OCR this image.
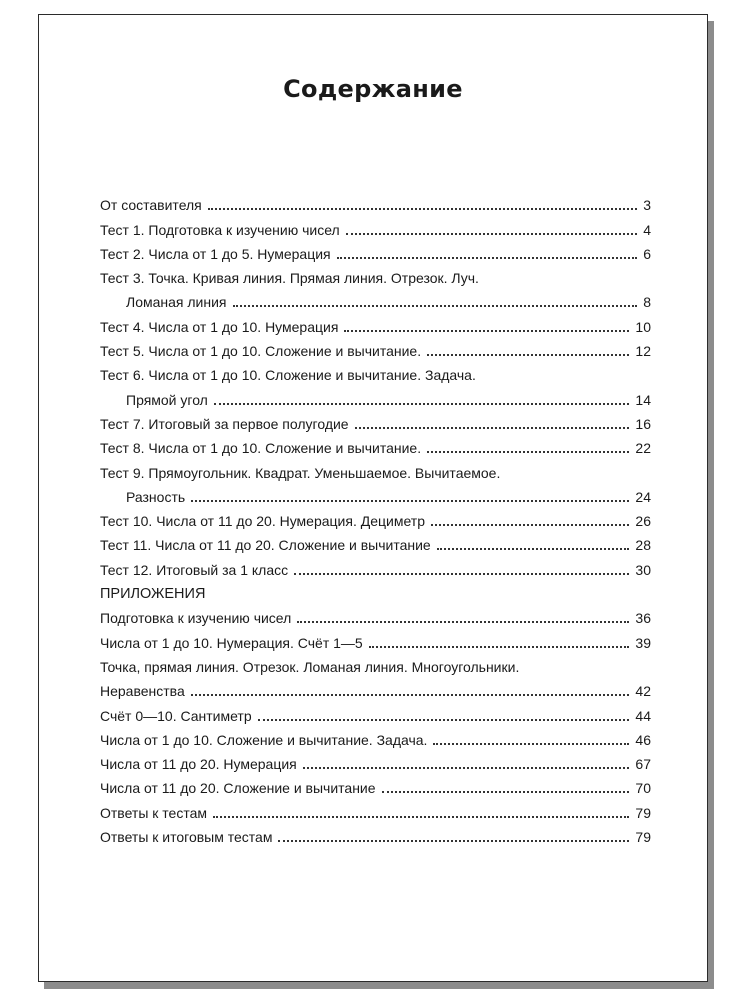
Содержание
От составителя	3
Тест 1. Подготовка к изучению чисел	4
Тест 2. Числа от 1 до 5. Нумерация	6
Тест 3. Точка. Кривая линия. Прямая линия. Отрезок. Луч.
Ломаная линия	8
Тест 4. Числа от 1 до 10. Нумерация	10
Тест 5. Числа от 1 до 10. Сложение и вычитание.	12
Тест 6. Числа от 1 до 10. Сложение и вычитание. Задача.
Прямой угол	14
Тест 7. Итоговый за первое полугодие	16
Тест 8. Числа от 1 до 10. Сложение и вычитание.	22
Тест 9. Прямоугольник. Квадрат. Уменьшаемое. Вычитаемое.
Разность	24
Тест 10. Числа от 11 до 20. Нумерация. Дециметр	26
Тест 11. Числа от 11 до 20. Сложение и вычитание	28
Тест 12. Итоговый за 1 класс	30
ПРИЛОЖЕНИЯ
Подготовка к изучению чисел	36
Числа от 1 до 10. Нумерация. Счёт 1—5	39
Точка, прямая линия. Отрезок. Ломаная линия. Многоугольники.
Неравенства	42
Счёт 0—10. Сантиметр	44
Числа от 1 до 10. Сложение и вычитание. Задача.	46
Числа от 11 до 20. Нумерация	67
Числа от 11 до 20. Сложение и вычитание	70
Ответы к тестам	79
Ответы к итоговым тестам	79
